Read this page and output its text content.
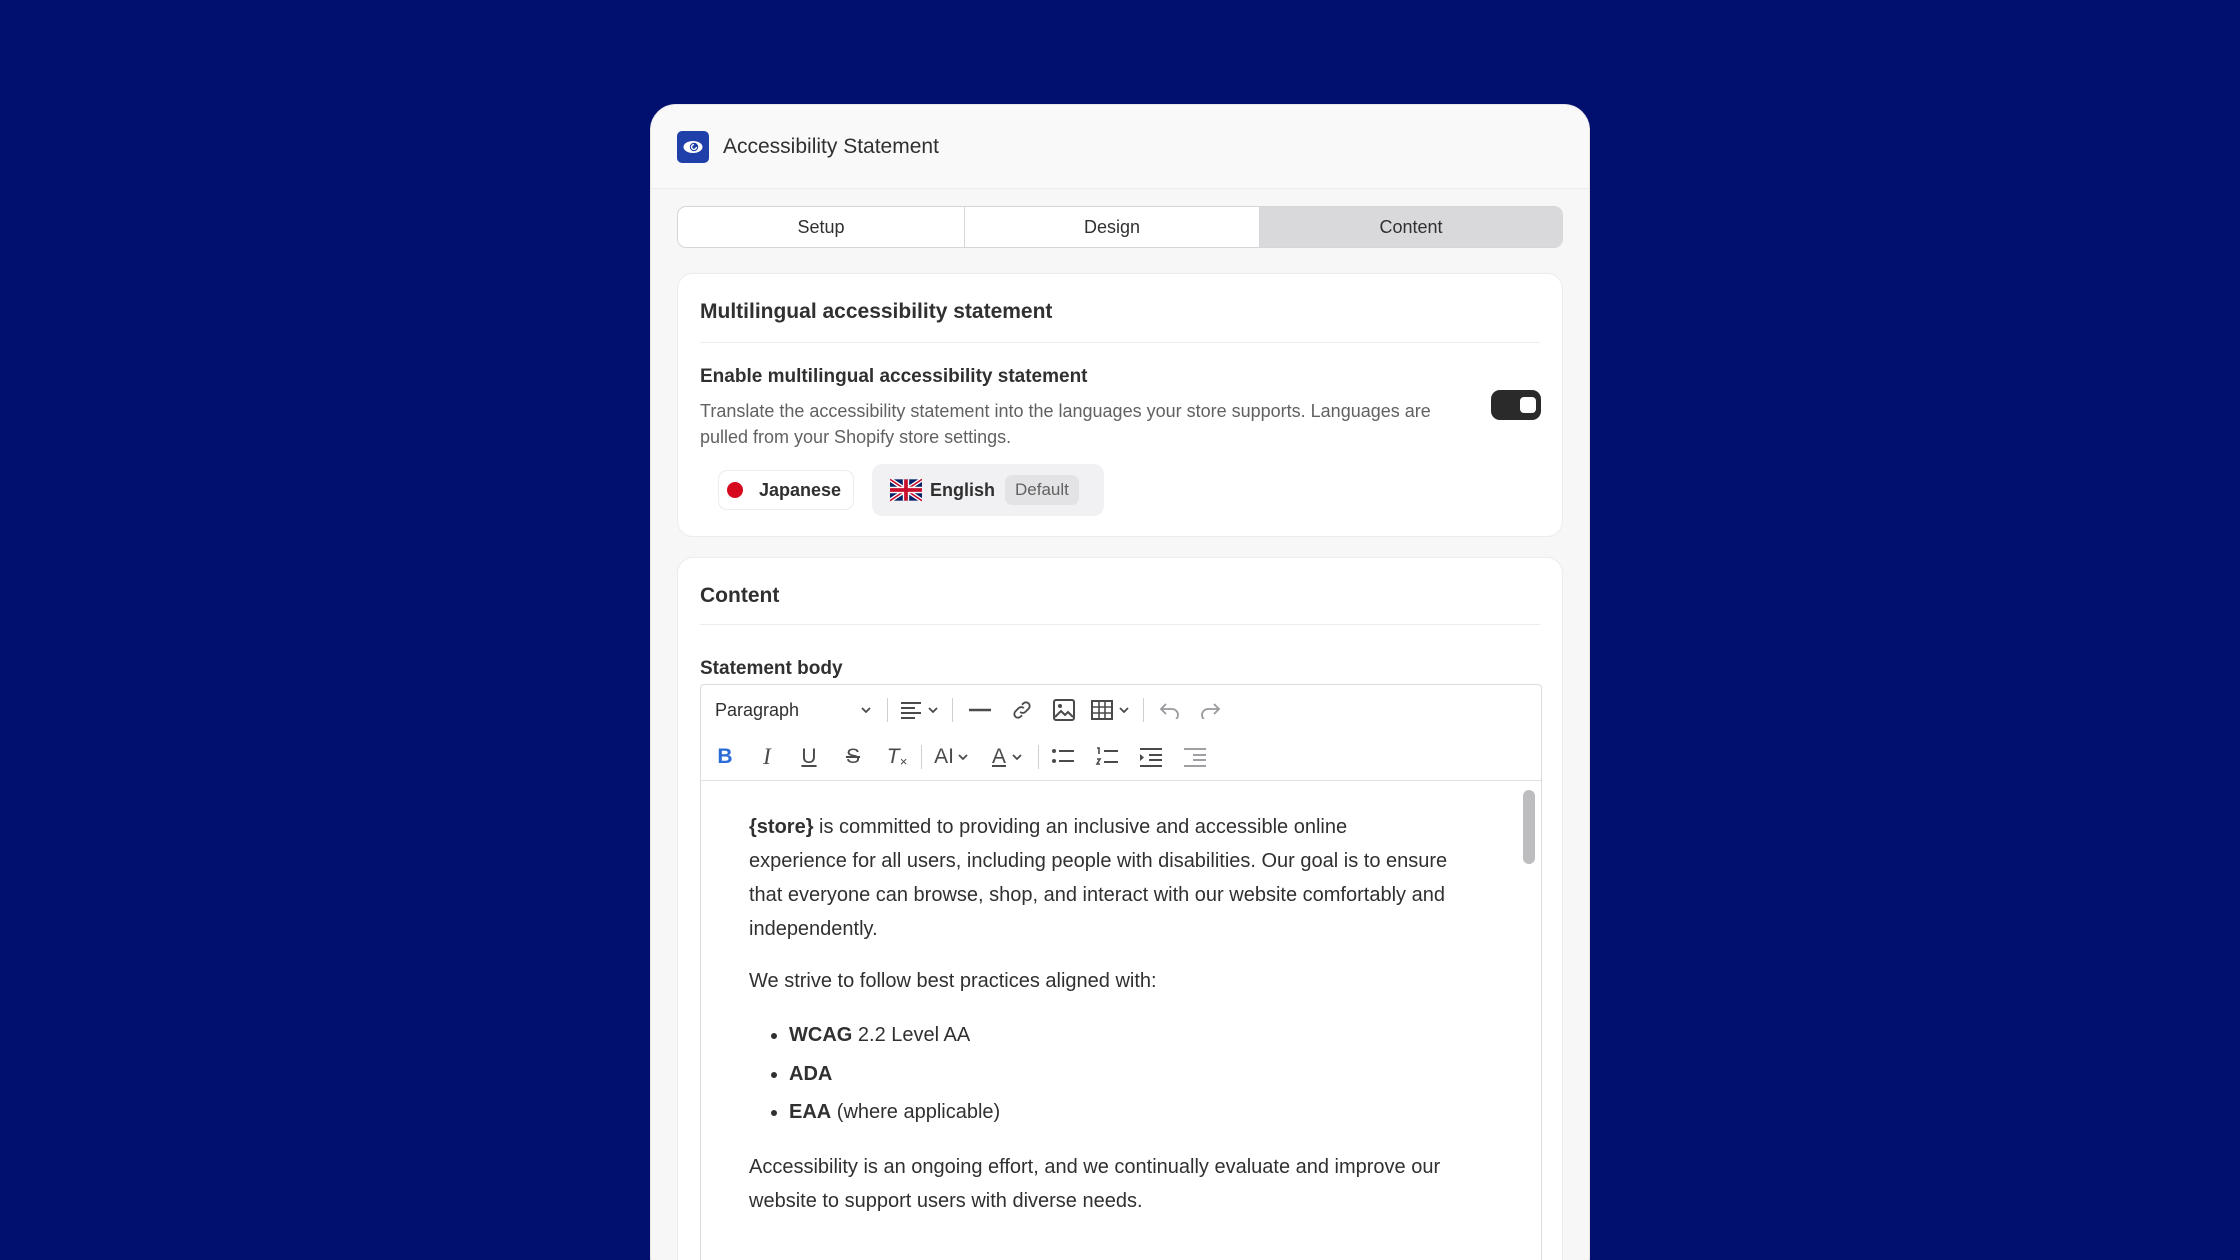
Accessibility Statement
Setup	Design	Content
Multilingual accessibility statement
Enable multilingual accessibility statement
Translate the accessibility statement into the languages your store supports. Languages are pulled from your Shopify store settings.
Japanese	English	Default
Content
Statement body
Paragraph
B	I	U	S	T × AI A

{store} is committed to providing an inclusive and accessible online experience for all users, including people with disabilities. Our goal is to ensure that everyone can browse, shop, and interact with our website comfortably and independently.

We strive to follow best practices aligned with:

• WCAG 2.2 Level AA
• ADA
• EAA (where applicable)

Accessibility is an ongoing effort, and we continually evaluate and improve our website to support users with diverse needs.
